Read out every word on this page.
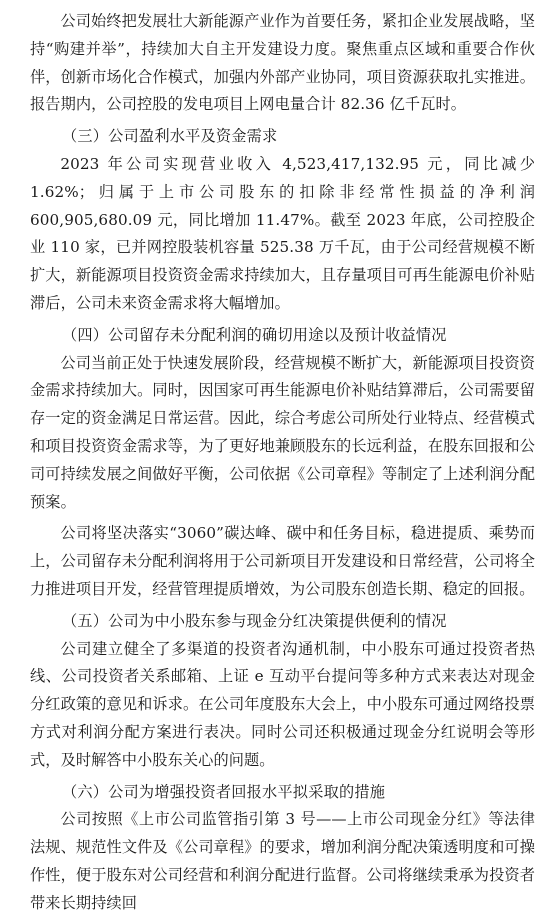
公司始终把发展壮大新能源产业作为首要任务，紧扣企业发展战略，坚持“购建并举”，持续加大自主开发建设力度。聚焦重点区域和重要合作伙伴，创新市场化合作模式，加强内外部产业协同，项目资源获取扎实推进。报告期内，公司控股的发电项目上网电量合计 82.36 亿千瓦时。

（三）公司盈利水平及资金需求

2023 年公司实现营业收入 4,523,417,132.95 元，同比减少 1.62%；归属于上市公司股东的扣除非经常性损益的净利润 600,905,680.09 元，同比增加 11.47%。截至 2023 年底，公司控股企业 110 家，已并网控股装机容量 525.38 万千瓦，由于公司经营规模不断扩大，新能源项目投资资金需求持续加大，且存量项目可再生能源电价补贴滞后，公司未来资金需求将大幅增加。

（四）公司留存未分配利润的确切用途以及预计收益情况

公司当前正处于快速发展阶段，经营规模不断扩大，新能源项目投资资金需求持续加大。同时，因国家可再生能源电价补贴结算滞后，公司需要留存一定的资金满足日常运营。因此，综合考虑公司所处行业特点、经营模式和项目投资资金需求等，为了更好地兼顾股东的长远利益，在股东回报和公司可持续发展之间做好平衡，公司依据《公司章程》等制定了上述利润分配预案。

公司将坚决落实“3060”碳达峰、碳中和任务目标，稳进提质、乘势而上，公司留存未分配利润将用于公司新项目开发建设和日常经营，公司将全力推进项目开发，经营管理提质增效，为公司股东创造长期、稳定的回报。

（五）公司为中小股东参与现金分红决策提供便利的情况

公司建立健全了多渠道的投资者沟通机制，中小股东可通过投资者热线、公司投资者关系邮箱、上证 e 互动平台提问等多种方式来表达对现金分红政策的意见和诉求。在公司年度股东大会上，中小股东可通过网络投票方式对利润分配方案进行表决。同时公司还积极通过现金分红说明会等形式，及时解答中小股东关心的问题。

（六）公司为增强投资者回报水平拟采取的措施

公司按照《上市公司监管指引第 3 号——上市公司现金分红》等法律法规、规范性文件及《公司章程》的要求，增加利润分配决策透明度和可操作性，便于股东对公司经营和利润分配进行监督。公司将继续秉承为投资者带来长期持续回
